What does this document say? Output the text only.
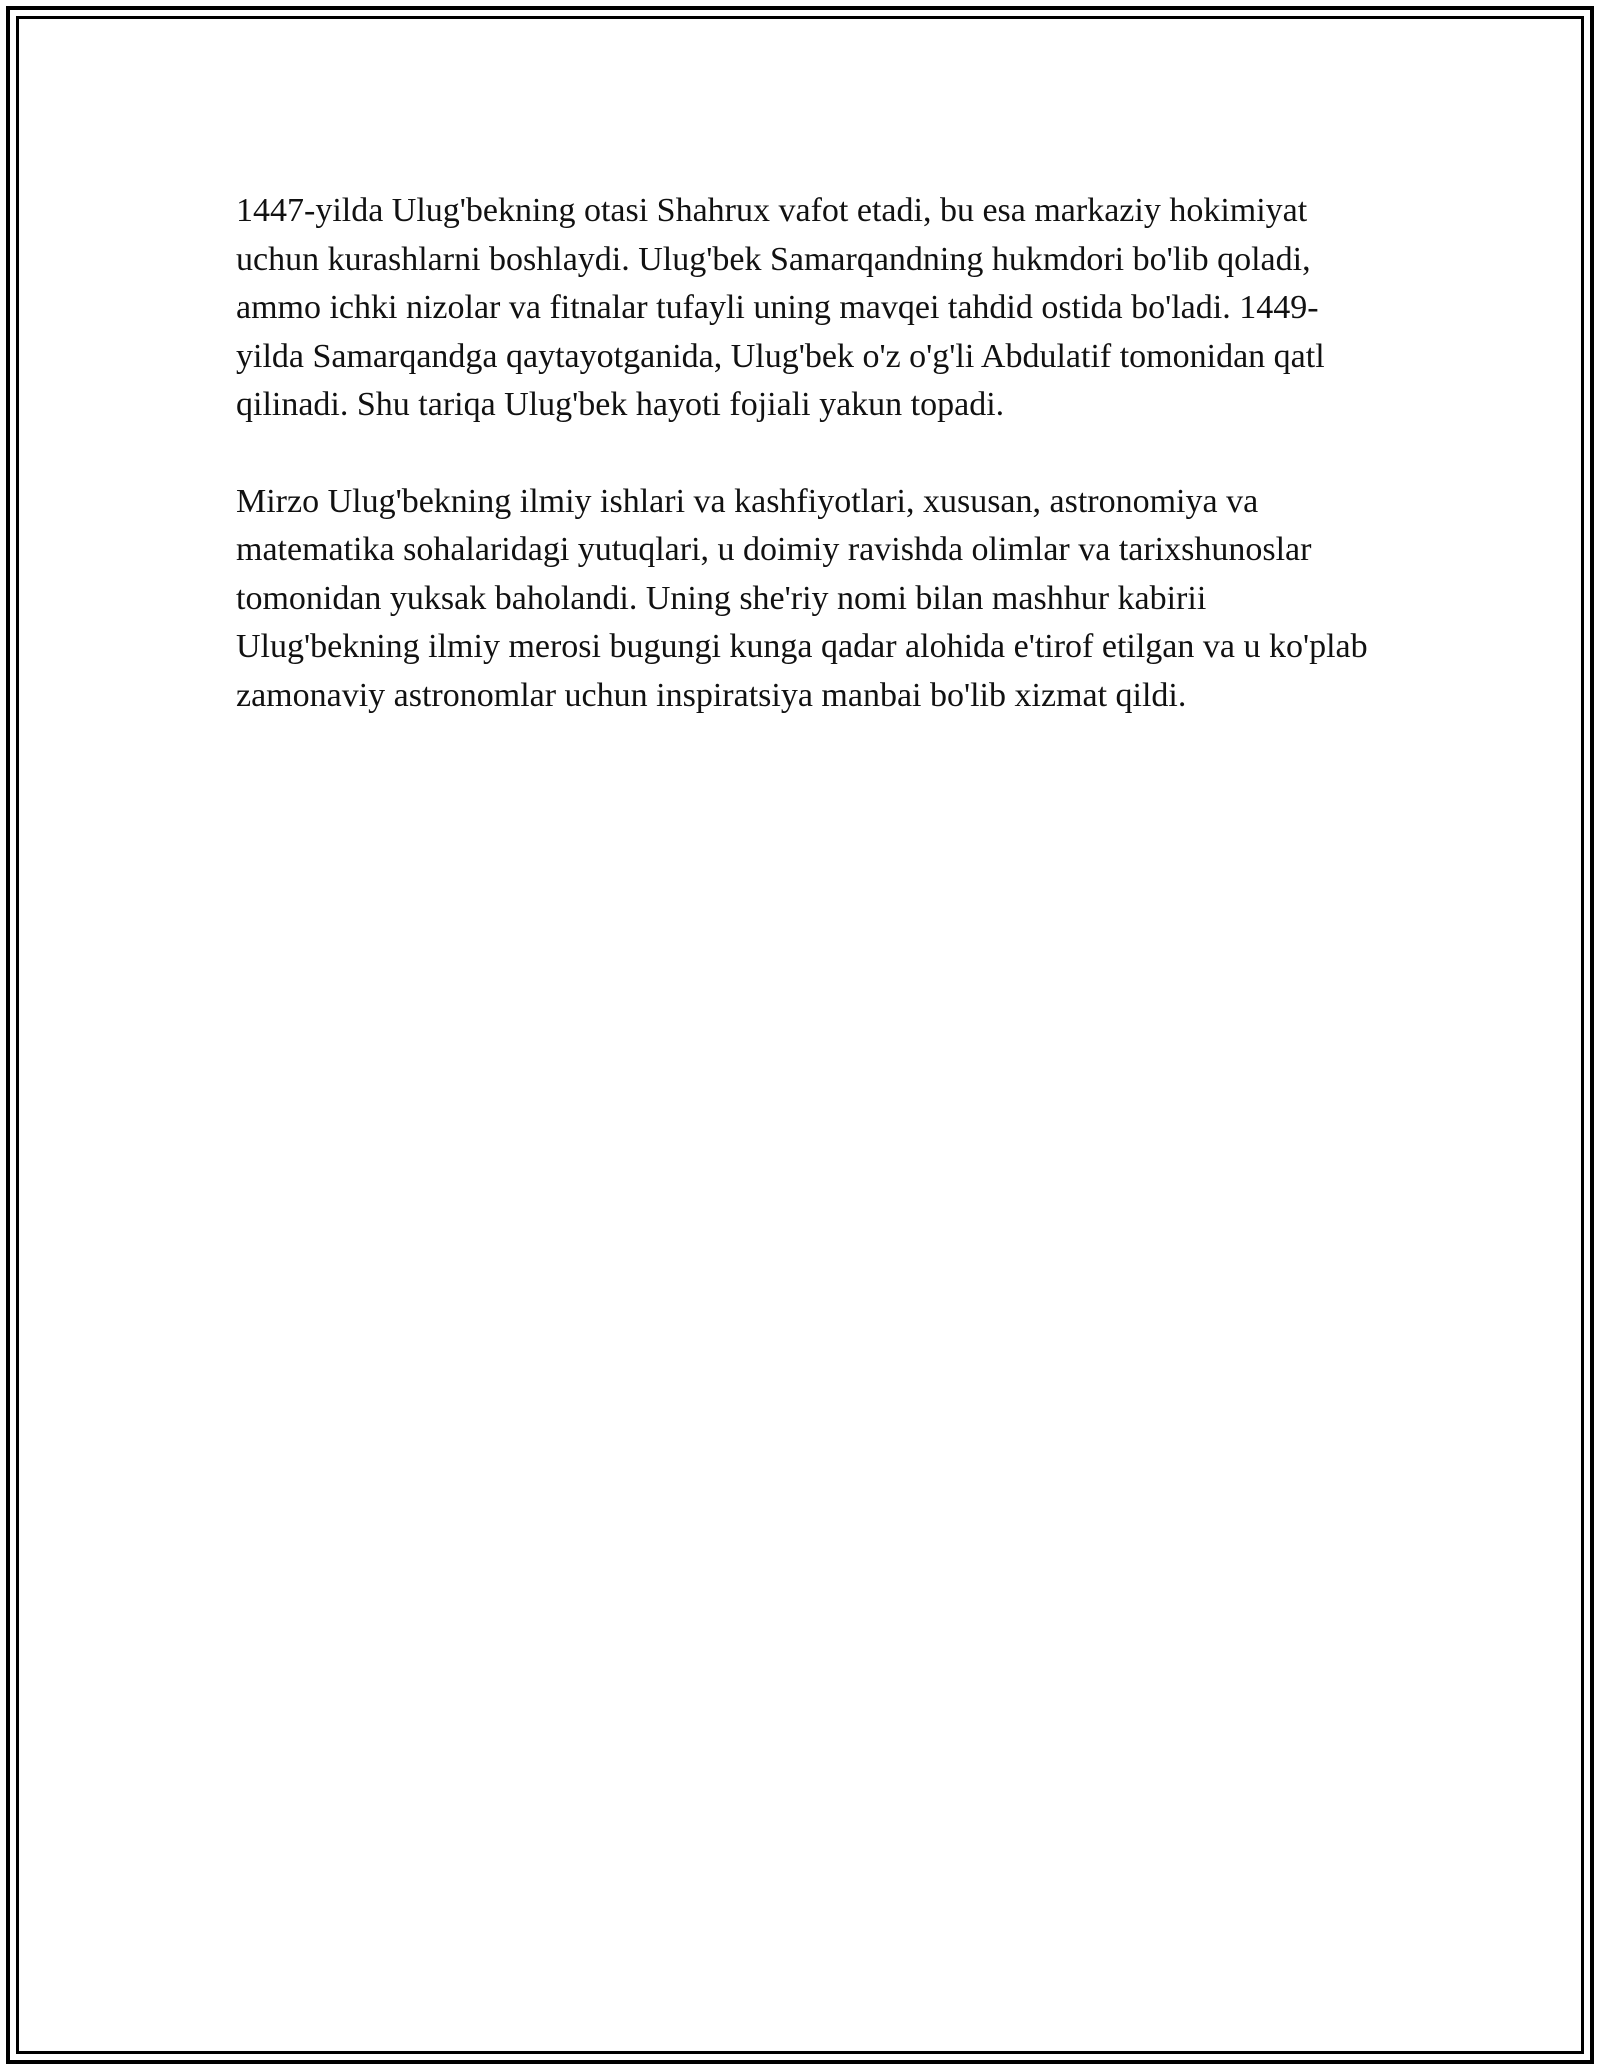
1447-yilda Ulug'bekning otasi Shahrux vafot etadi, bu esa markaziy hokimiyat uchun kurashlarni boshlaydi. Ulug'bek Samarqandning hukmdori bo'lib qoladi, ammo ichki nizolar va fitnalar tufayli uning mavqei tahdid ostida bo'ladi. 1449-yilda Samarqandga qaytayotganida, Ulug'bek o'z o'g'li Abdulatif tomonidan qatl qilinadi. Shu tariqa Ulug'bek hayoti fojiali yakun topadi.

Mirzo Ulug'bekning ilmiy ishlari va kashfiyotlari, xususan, astronomiya va matematika sohalaridagi yutuqlari, u doimiy ravishda olimlar va tarixshunoslar tomonidan yuksak baholandi. Uning she'riy nomi bilan mashhur kabirii Ulug'bekning ilmiy merosi bugungi kunga qadar alohida e'tirof etilgan va u ko'plab zamonaviy astronomlar uchun inspiratsiya manbai bo'lib xizmat qildi.
